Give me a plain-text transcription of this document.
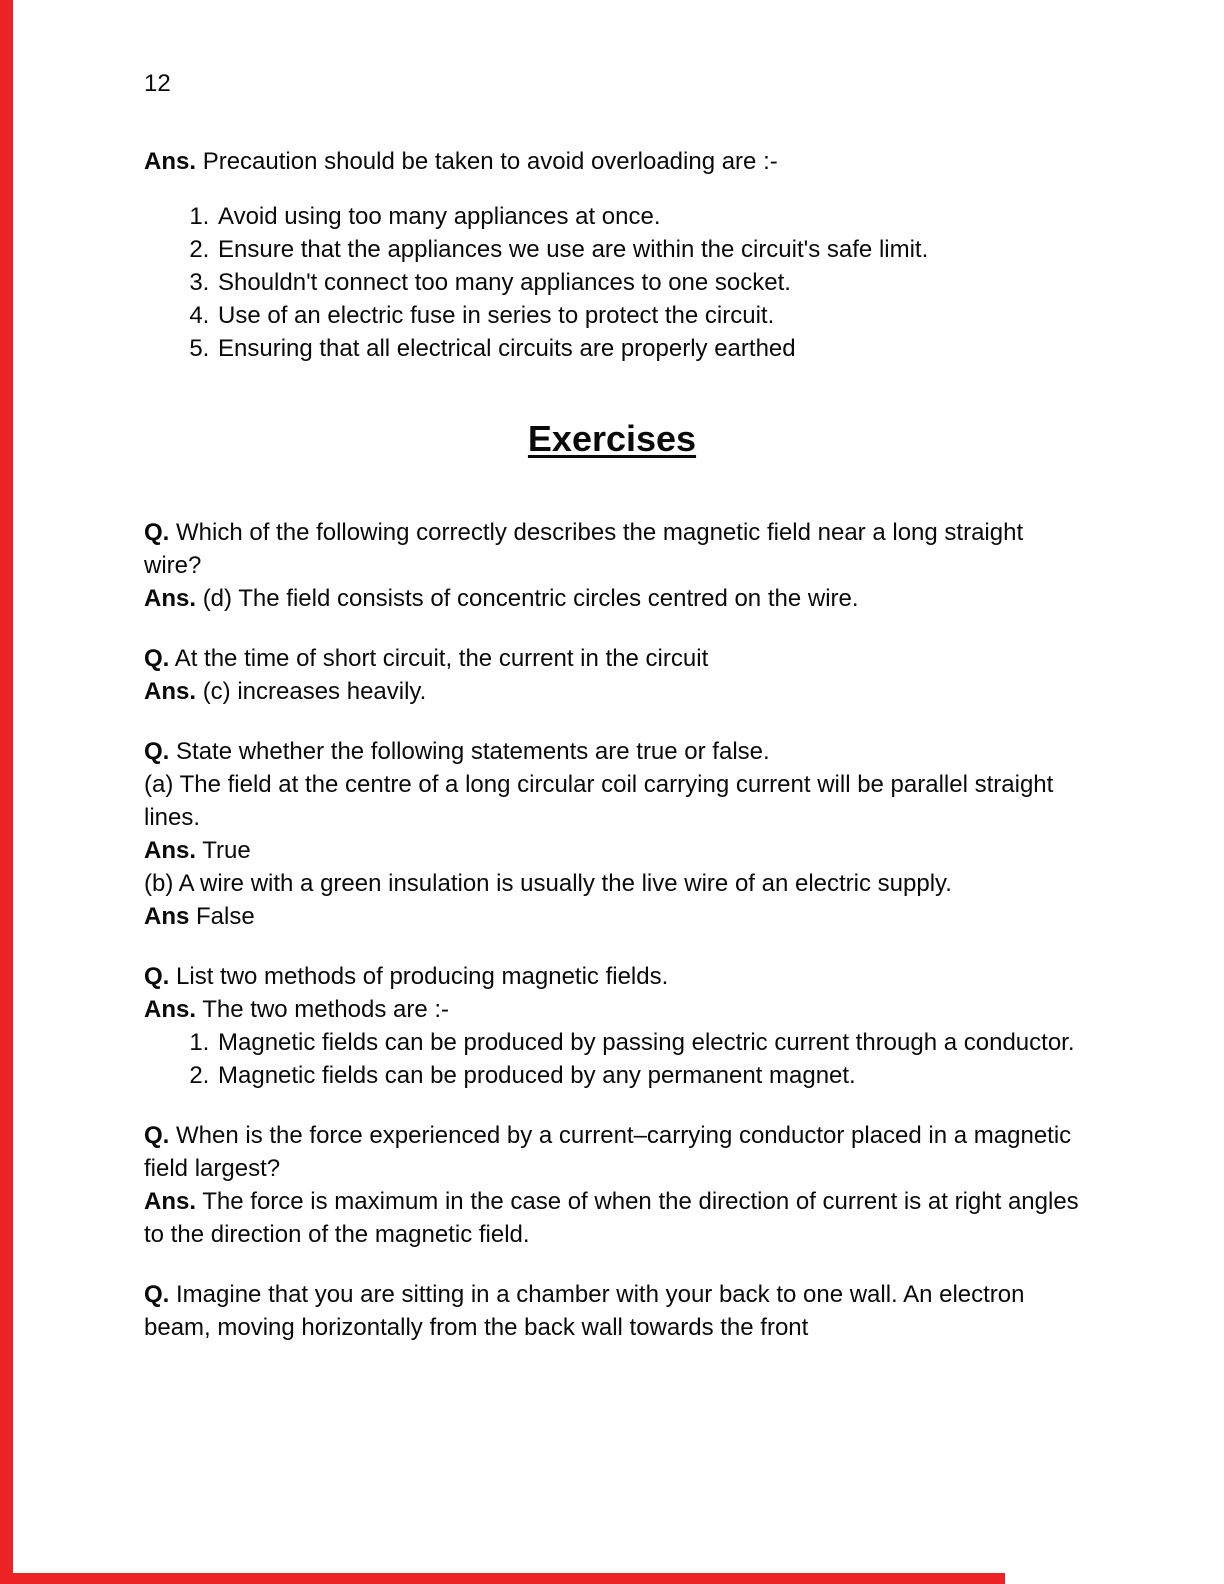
12

Ans. Precaution should be taken to avoid overloading are :-

1. Avoid using too many appliances at once.
2. Ensure that the appliances we use are within the circuit's safe limit.
3. Shouldn't connect too many appliances to one socket.
4. Use of an electric fuse in series to protect the circuit.
5. Ensuring that all electrical circuits are properly earthed
Exercises
Q. Which of the following correctly describes the magnetic field near a long straight wire?
Ans. (d) The field consists of concentric circles centred on the wire.
Q. At the time of short circuit, the current in the circuit
Ans. (c) increases heavily.
Q. State whether the following statements are true or false.
(a) The field at the centre of a long circular coil carrying current will be parallel straight lines.
Ans. True
(b) A wire with a green insulation is usually the live wire of an electric supply.
Ans False
Q. List two methods of producing magnetic fields.
Ans. The two methods are :-
1. Magnetic fields can be produced by passing electric current through a conductor.
2. Magnetic fields can be produced by any permanent magnet.
Q. When is the force experienced by a current–carrying conductor placed in a magnetic field largest?
Ans. The force is maximum in the case of when the direction of current is at right angles to the direction of the magnetic field.
Q. Imagine that you are sitting in a chamber with your back to one wall. An electron beam, moving horizontally from the back wall towards the front
